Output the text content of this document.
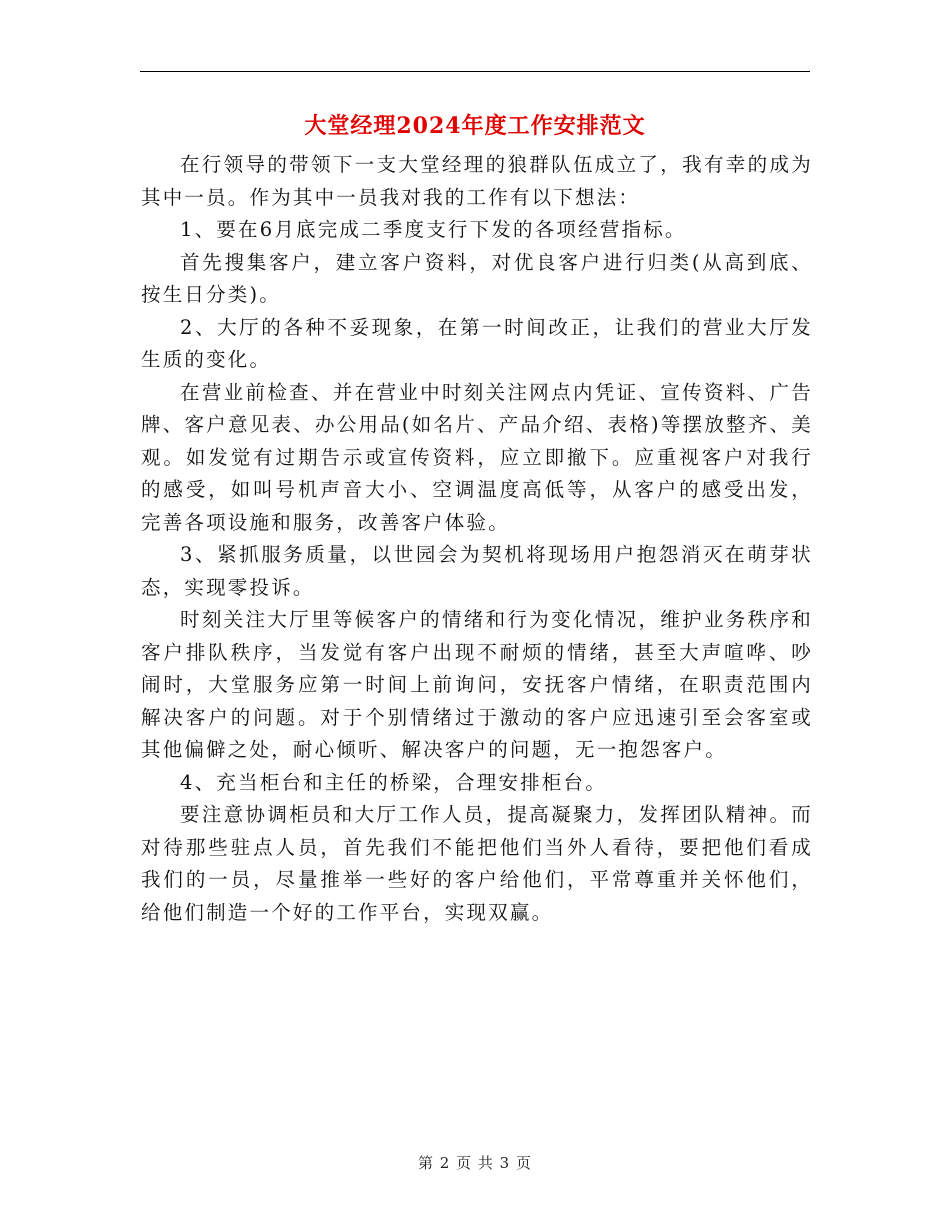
大堂经理2024年度工作安排范文

在行领导的带领下一支大堂经理的狼群队伍成立了，我有幸的成为其中一员。作为其中一员我对我的工作有以下想法：

1、要在6月底完成二季度支行下发的各项经营指标。

首先搜集客户，建立客户资料，对优良客户进行归类(从高到底、按生日分类)。

2、大厅的各种不妥现象，在第一时间改正，让我们的营业大厅发生质的变化。

在营业前检查、并在营业中时刻关注网点内凭证、宣传资料、广告牌、客户意见表、办公用品(如名片、产品介绍、表格)等摆放整齐、美观。如发觉有过期告示或宣传资料，应立即撤下。应重视客户对我行的感受，如叫号机声音大小、空调温度高低等，从客户的感受出发，完善各项设施和服务，改善客户体验。

3、紧抓服务质量，以世园会为契机将现场用户抱怨消灭在萌芽状态，实现零投诉。

时刻关注大厅里等候客户的情绪和行为变化情况，维护业务秩序和客户排队秩序，当发觉有客户出现不耐烦的情绪，甚至大声喧哗、吵闹时，大堂服务应第一时间上前询问，安抚客户情绪，在职责范围内解决客户的问题。对于个别情绪过于激动的客户应迅速引至会客室或其他偏僻之处，耐心倾听、解决客户的问题，无一抱怨客户。

4、充当柜台和主任的桥梁，合理安排柜台。

要注意协调柜员和大厅工作人员，提高凝聚力，发挥团队精神。而对待那些驻点人员，首先我们不能把他们当外人看待，要把他们看成我们的一员，尽量推举一些好的客户给他们，平常尊重并关怀他们，给他们制造一个好的工作平台，实现双赢。

第 2 页 共 3 页
